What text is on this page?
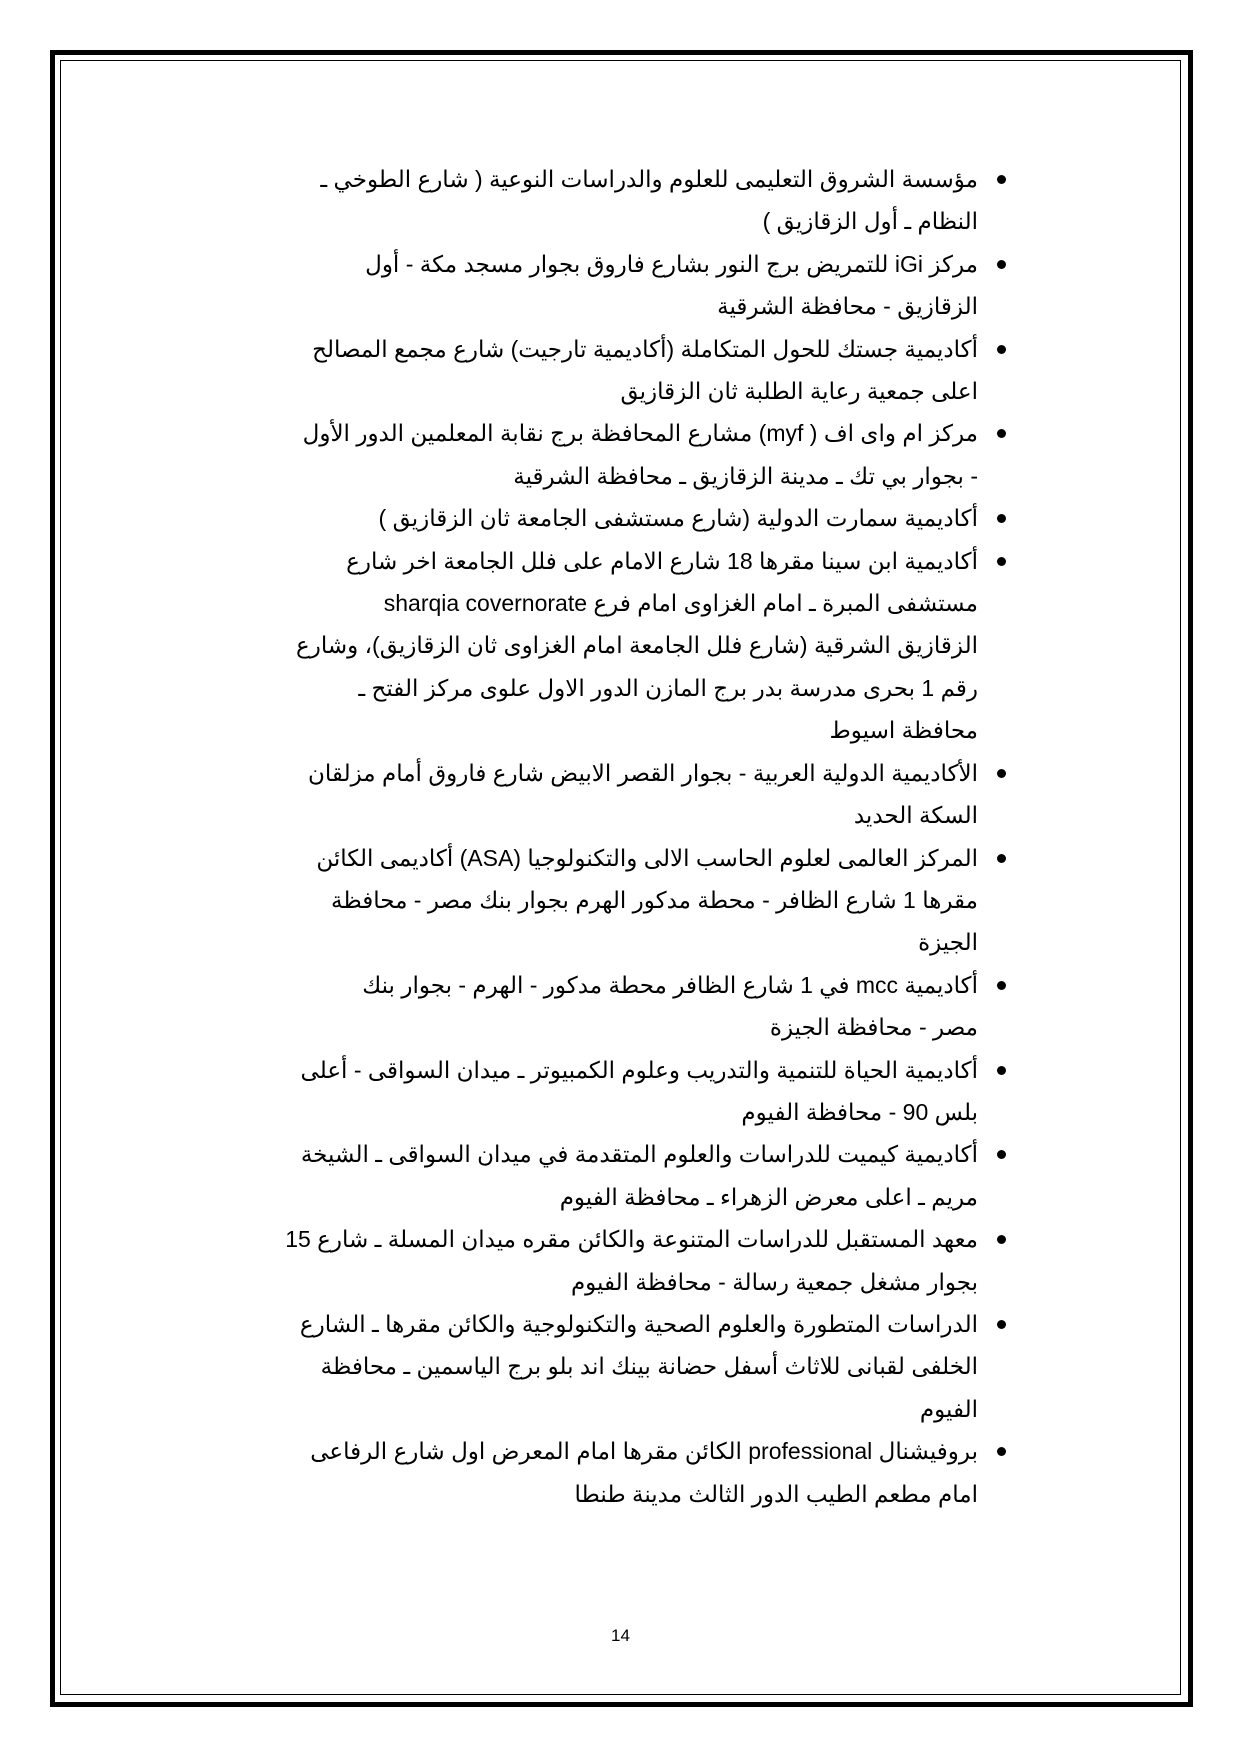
مؤسسة الشروق التعليمى للعلوم والدراسات النوعية ( شارع الطوخي ـ
النظام ـ أول الزقازيق )
مركز iGi للتمريض برج النور بشارع فاروق بجوار مسجد مكة - أول
الزقازيق - محافظة الشرقية
أكاديمية جستك للحول المتكاملة (أكاديمية تارجيت) شارع مجمع المصالح
اعلى جمعية رعاية الطلبة ثان الزقازيق
مركز ام واى اف ( myf) مشارع المحافظة برج نقابة المعلمين الدور الأول
- بجوار بي تك ـ مدينة الزقازيق ـ محافظة الشرقية
أكاديمية سمارت الدولية (شارع مستشفى الجامعة ثان الزقازيق )
أكاديمية ابن سينا مقرها 18 شارع الامام على فلل الجامعة اخر شارع
مستشفى المبرة ـ امام الغزاوى امام فرع sharqia covernorate
الزقازيق الشرقية (شارع فلل الجامعة امام الغزاوى ثان الزقازيق)، وشارع
رقم 1 بحرى مدرسة بدر برج المازن الدور الاول علوى مركز الفتح ـ
محافظة اسيوط
الأكاديمية الدولية العربية - بجوار القصر الابيض شارع فاروق أمام مزلقان
السكة الحديد
المركز العالمى لعلوم الحاسب الالى والتكنولوجيا (ASA) أكاديمى الكائن
مقرها 1 شارع الظافر - محطة مدكور الهرم بجوار بنك مصر - محافظة
الجيزة
أكاديمية mcc في 1 شارع الظافر محطة مدكور - الهرم - بجوار بنك
مصر - محافظة الجيزة
أكاديمية الحياة للتنمية والتدريب وعلوم الكمبيوتر ـ ميدان السواقى - أعلى
بلس 90 - محافظة الفيوم
أكاديمية كيميت للدراسات والعلوم المتقدمة في ميدان السواقى ـ الشيخة
مريم ـ اعلى معرض الزهراء ـ محافظة الفيوم
معهد المستقبل للدراسات المتنوعة والكائن مقره ميدان المسلة ـ شارع 15
بجوار مشغل جمعية رسالة - محافظة الفيوم
الدراسات المتطورة والعلوم الصحية والتكنولوجية والكائن مقرها ـ الشارع
الخلفى لقبانى للاثاث أسفل حضانة بينك اند بلو برج الياسمين ـ محافظة
الفيوم
بروفيشنال professional الكائن مقرها امام المعرض اول شارع الرفاعى
امام مطعم الطيب الدور الثالث مدينة طنطا
14
